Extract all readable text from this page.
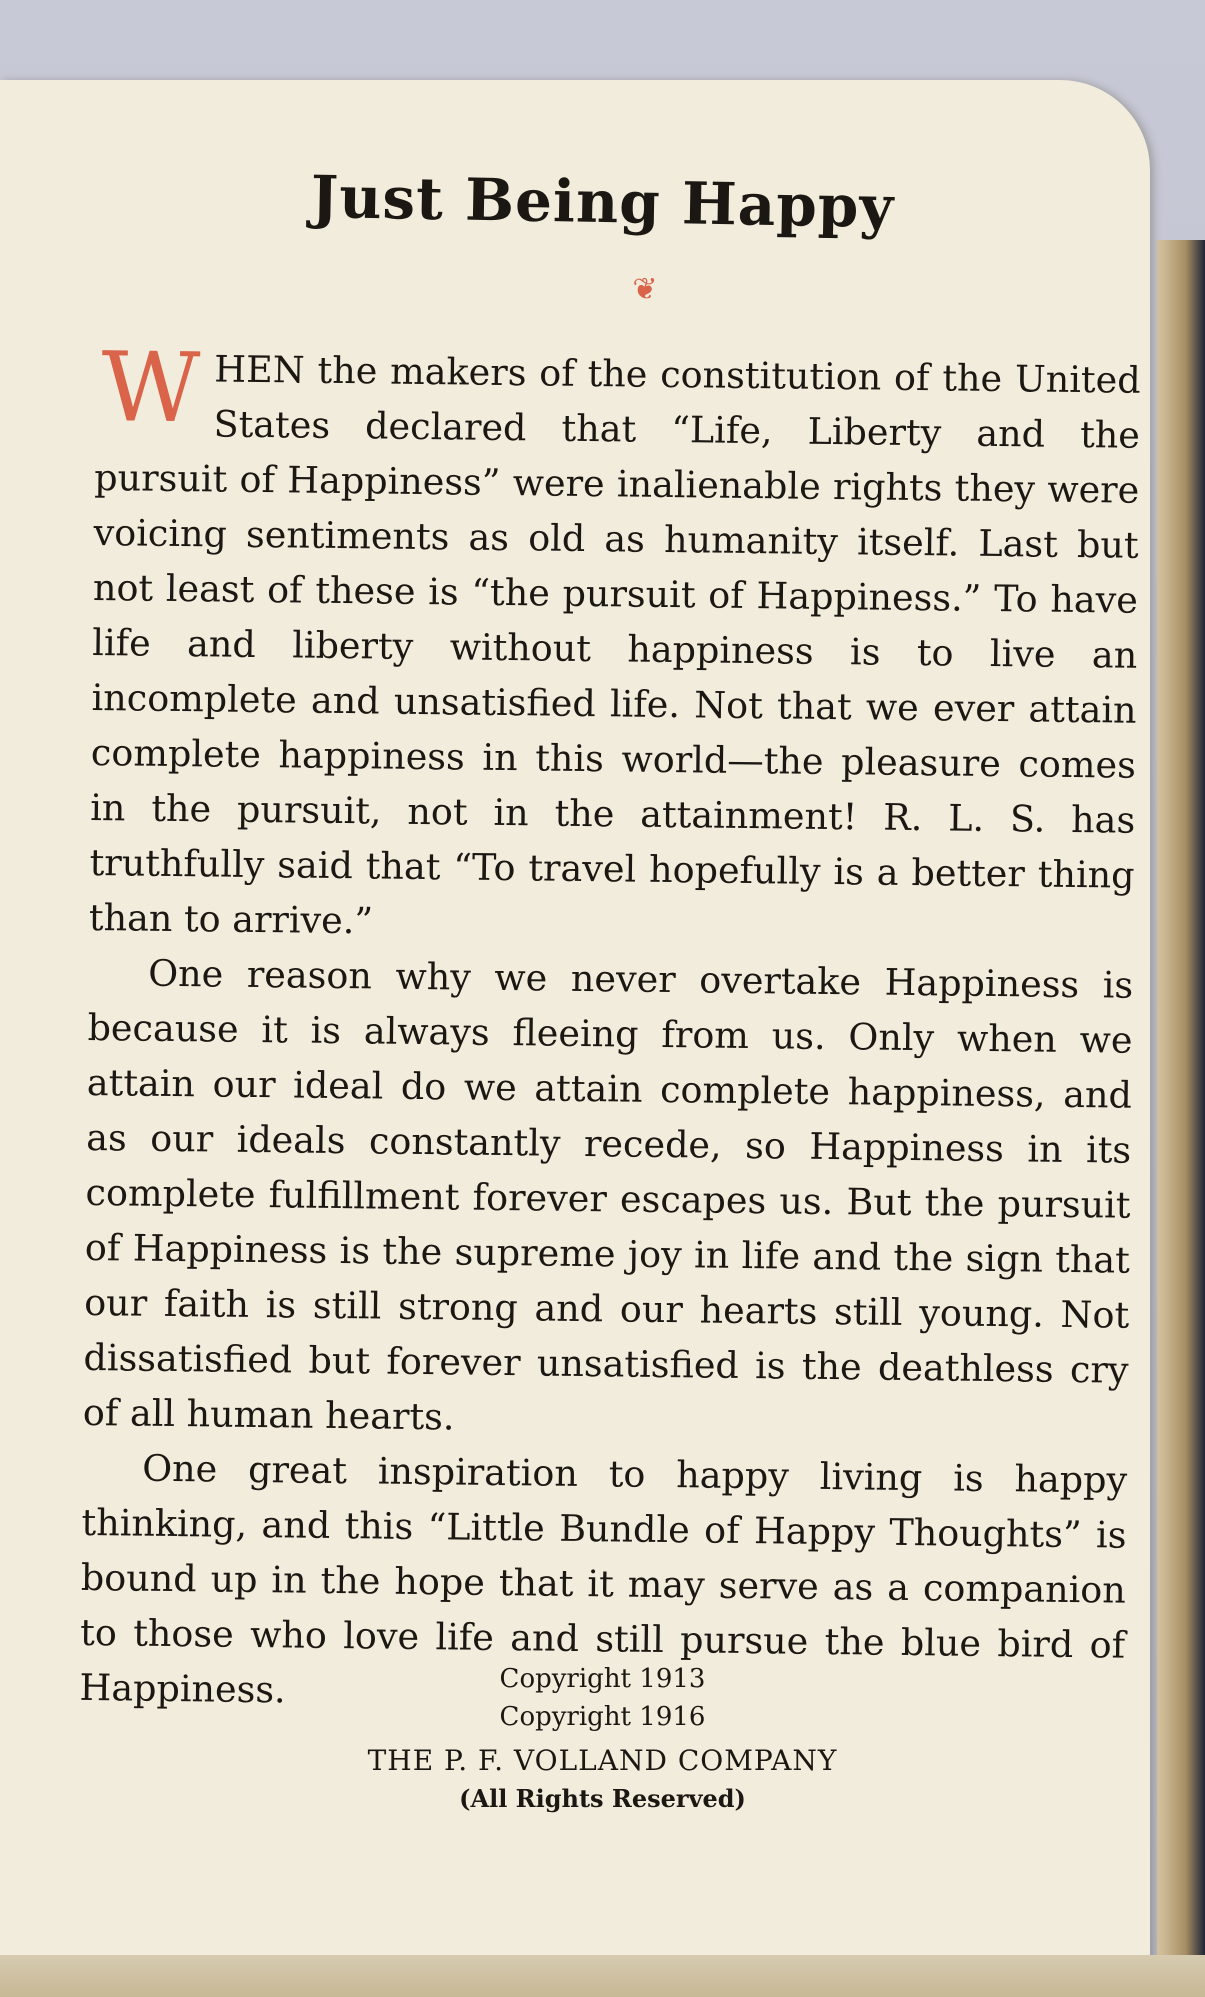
Just Being Happy
❦

WHEN the makers of the constitution of the United States declared that “Life, Liberty and the pursuit of Happiness” were inalienable rights they were voicing sentiments as old as humanity itself. Last but not least of these is “the pursuit of Happiness.” To have life and liberty without happiness is to live an incomplete and unsatisfied life. Not that we ever attain complete happiness in this world—the pleasure comes in the pursuit, not in the attainment! R. L. S. has truthfully said that “To travel hopefully is a better thing than to arrive.”

One reason why we never overtake Happiness is because it is always fleeing from us. Only when we attain our ideal do we attain complete happiness, and as our ideals constantly recede, so Happiness in its complete fulfillment forever escapes us. But the pursuit of Happiness is the supreme joy in life and the sign that our faith is still strong and our hearts still young. Not dissatisfied but forever unsatisfied is the deathless cry of all human hearts.

One great inspiration to happy living is happy thinking, and this “Little Bundle of Happy Thoughts” is bound up in the hope that it may serve as a companion to those who love life and still pursue the blue bird of Happiness.	Copyright 1913
Copyright 1916
THE P. F. VOLLAND COMPANY
(All Rights Reserved)
